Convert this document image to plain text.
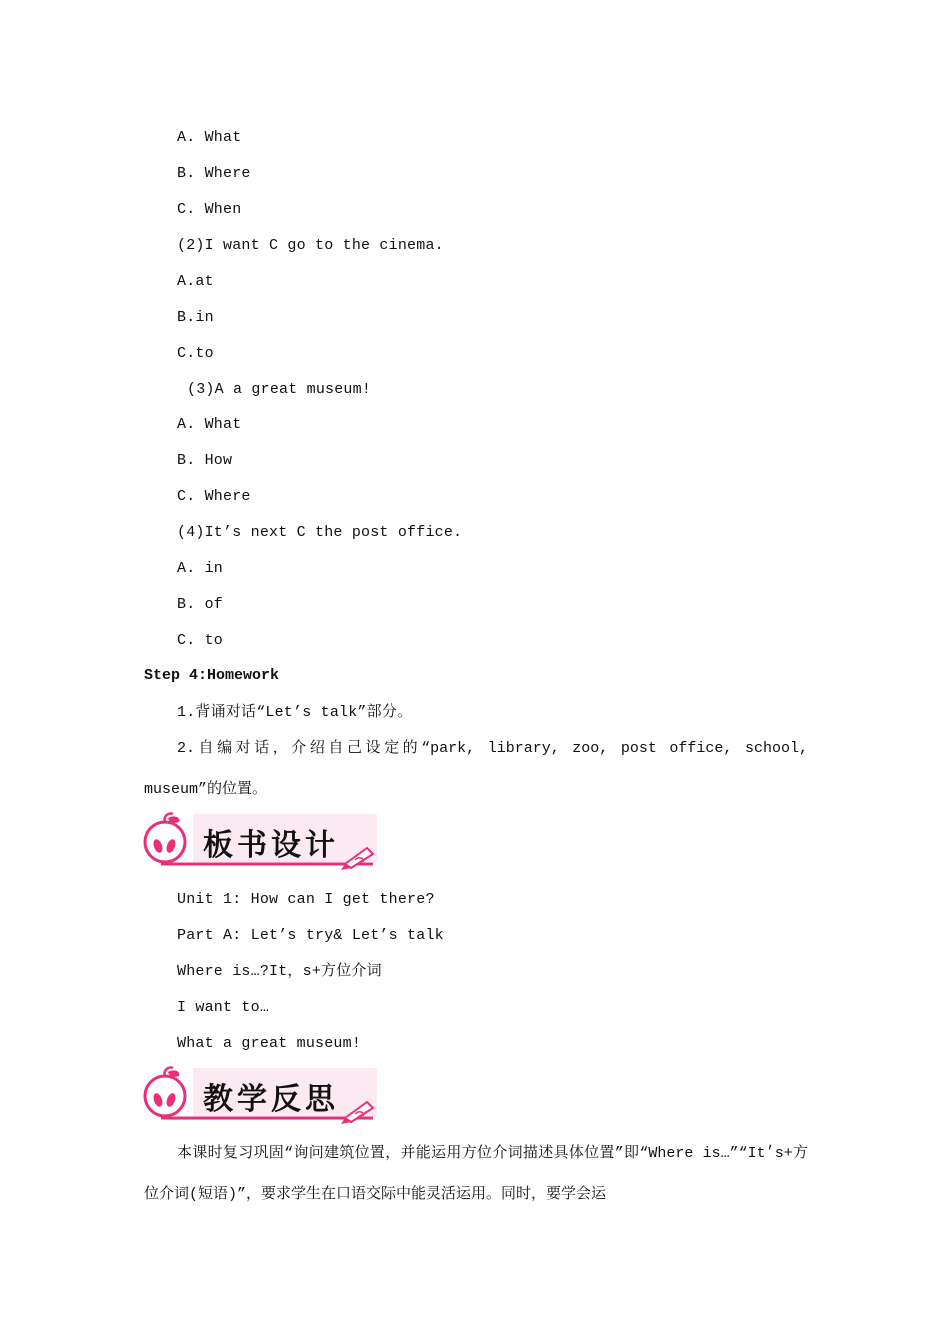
A. What
B. Where
C. When
(2)I want C go to the cinema.
A.at
B.in
C.to
(3)A a great museum!
A. What
B. How
C. Where
(4)It’s next C the post office.
A. in
B. of
C. to
Step 4:Homework
1.背诵对话“Let’s talk”部分。
2.自编对话，介绍自己设定的“park, library, zoo, post office, school, museum”的位置。
板书设计
Unit 1: How can I get there?
Part A: Let’s try& Let’s talk
Where is…?It，s+方位介词
I want to…
What a great museum!
教学反思
本课时复习巩固“询问建筑位置，并能运用方位介词描述具体位置”即“Where is…”“It׳s+方位介词(短语)”，要求学生在口语交际中能灵活运用。同时，要学会运
